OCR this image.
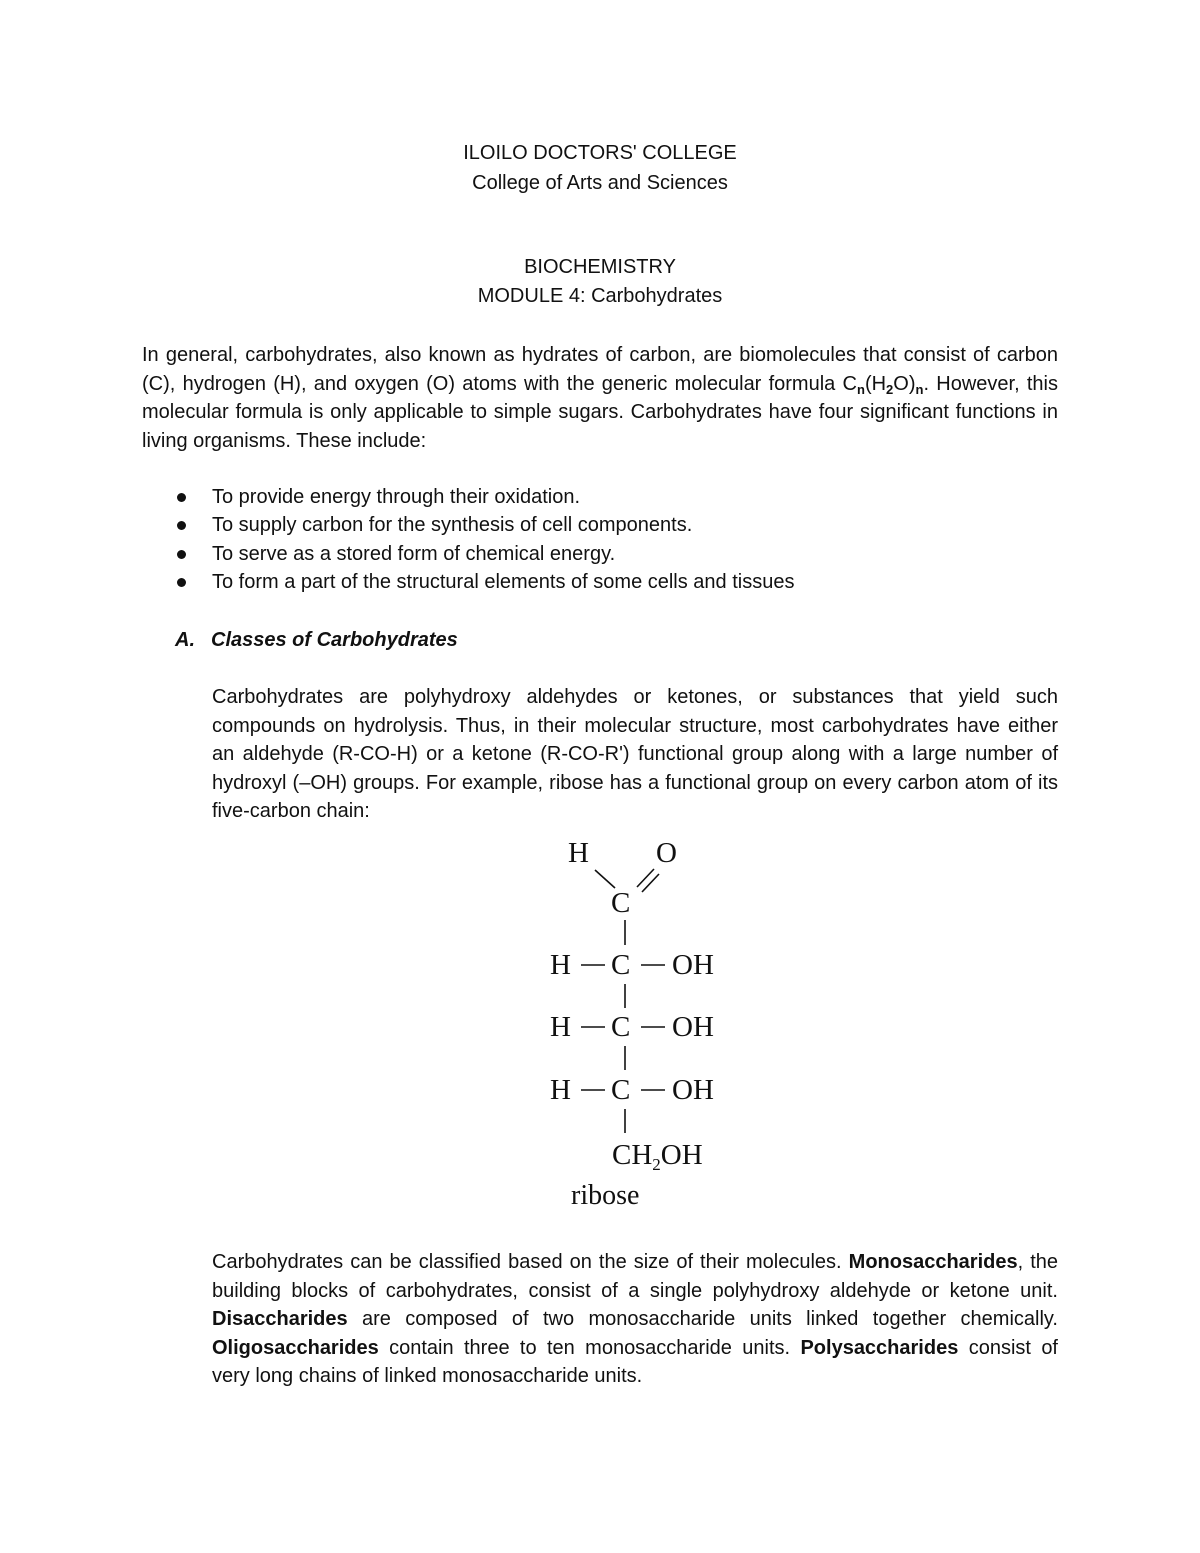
ILOILO DOCTORS' COLLEGE
College of Arts and Sciences
BIOCHEMISTRY
MODULE 4: Carbohydrates

In general, carbohydrates, also known as hydrates of carbon, are biomolecules that consist of carbon (C), hydrogen (H), and oxygen (O) atoms with the generic molecular formula $C_n(H_2O)_n$. However, this molecular formula is only applicable to simple sugars. Carbohydrates have four significant functions in living organisms. These include:

To provide energy through their oxidation.
To supply carbon for the synthesis of cell components.
To serve as a stored form of chemical energy.
To form a part of the structural elements of some cells and tissues
A. Classes of Carbohydrates

Carbohydrates are polyhydroxy aldehydes or ketones, or substances that yield such compounds on hydrolysis. Thus, in their molecular structure, most carbohydrates have either an aldehyde (R-CO-H) or a ketone (R-CO-R') functional group along with a large number of hydroxyl (–OH) groups. For example, ribose has a functional group on every carbon atom of its five-carbon chain:

H O
C
H C OH
H C OH
H C OH
$CH_2OH$
ribose

Carbohydrates can be classified based on the size of their molecules. Monosaccharides, the building blocks of carbohydrates, consist of a single polyhydroxy aldehyde or ketone unit. Disaccharides are composed of two monosaccharide units linked together chemically. Oligosaccharides contain three to ten monosaccharide units. Polysaccharides consist of very long chains of linked monosaccharide units.
